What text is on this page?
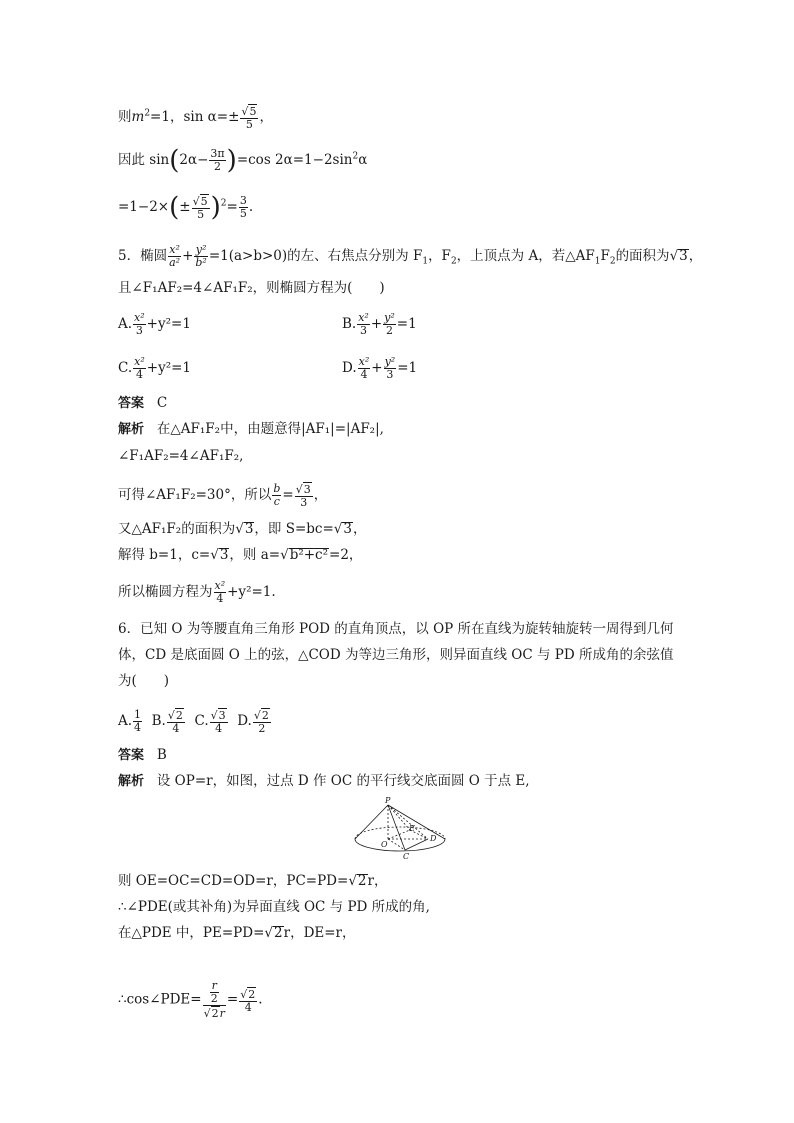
则$m^2=1$，$\sin \alpha=\pm \frac{√5}{5}$ ，
因此 $\sin(2\alpha- \frac{3\pi}{2} )=\cos$ $2\alpha=1-2\sin^2\alpha$
$=1-2\times(\pm \frac{√5}{5} )^2= \frac{3}{5}$ .
5．椭圆 $\frac{\text{x²}}{\text{a²}} + \frac{\text{y²}}{\text{b²}} =1(a>b>0)$的左、右焦点分别为 $F_1$，$F_2$，上顶点为 A，若$\triangle AF_1F_2$的面积为√3，
且∠F₁AF₂=4∠AF₁F₂，则椭圆方程为(　　)
A. $\frac{\text{x²}}{3} +y^2=1$	B. $\frac{\text{x²}}{3} + \frac{\text{y²}}{2} =1$
C. $\frac{\text{x²}}{4} +y^2=1$	D. $\frac{\text{x²}}{4} + \frac{\text{y²}}{3} =1$
答案 C
解析 在△AF₁F₂中，由题意得|AF₁|=|AF₂|,
∠F₁AF₂=4∠AF₁F₂,
可得∠AF₁F₂=30°，所以 $\frac{b}{c} = \frac{√3}{3}$ ，
又△AF₁F₂的面积为√3，即 S=bc=√3，
解得 b=1，c=√3，则 a=√b²+c²=2，
所以椭圆方程为 $\frac{\text{x²}}{4} +y^2=1$.
6．已知 O 为等腰直角三角形 POD 的直角顶点，以 OP 所在直线为旋转轴旋转一周得到几何
体，CD 是底面圆 O 上的弦，△COD 为等边三角形，则异面直线 OC 与 PD 所成角的余弦值
为(　　)
A. $\frac{1}{4} B$. $\frac{√2}{4} C$. $\frac{√3}{4} D$. $\frac{√2}{2}$
答案 B
解析 设 OP=r，如图，过点 D 作 OC 的平行线交底面圆 O 于点 E,
P
O
E
D
C
则 OE=OC=CD=OD=r，PC=PD=√2r，
∴∠PDE(或其补角)为异面直线 OC 与 PD 所成的角,
在△PDE 中，PE=PD=√2r，DE=r，
∴cos∠PDE= $\frac{\frac{r}{2}}{√2r} = \frac{√2}{4}$ .
